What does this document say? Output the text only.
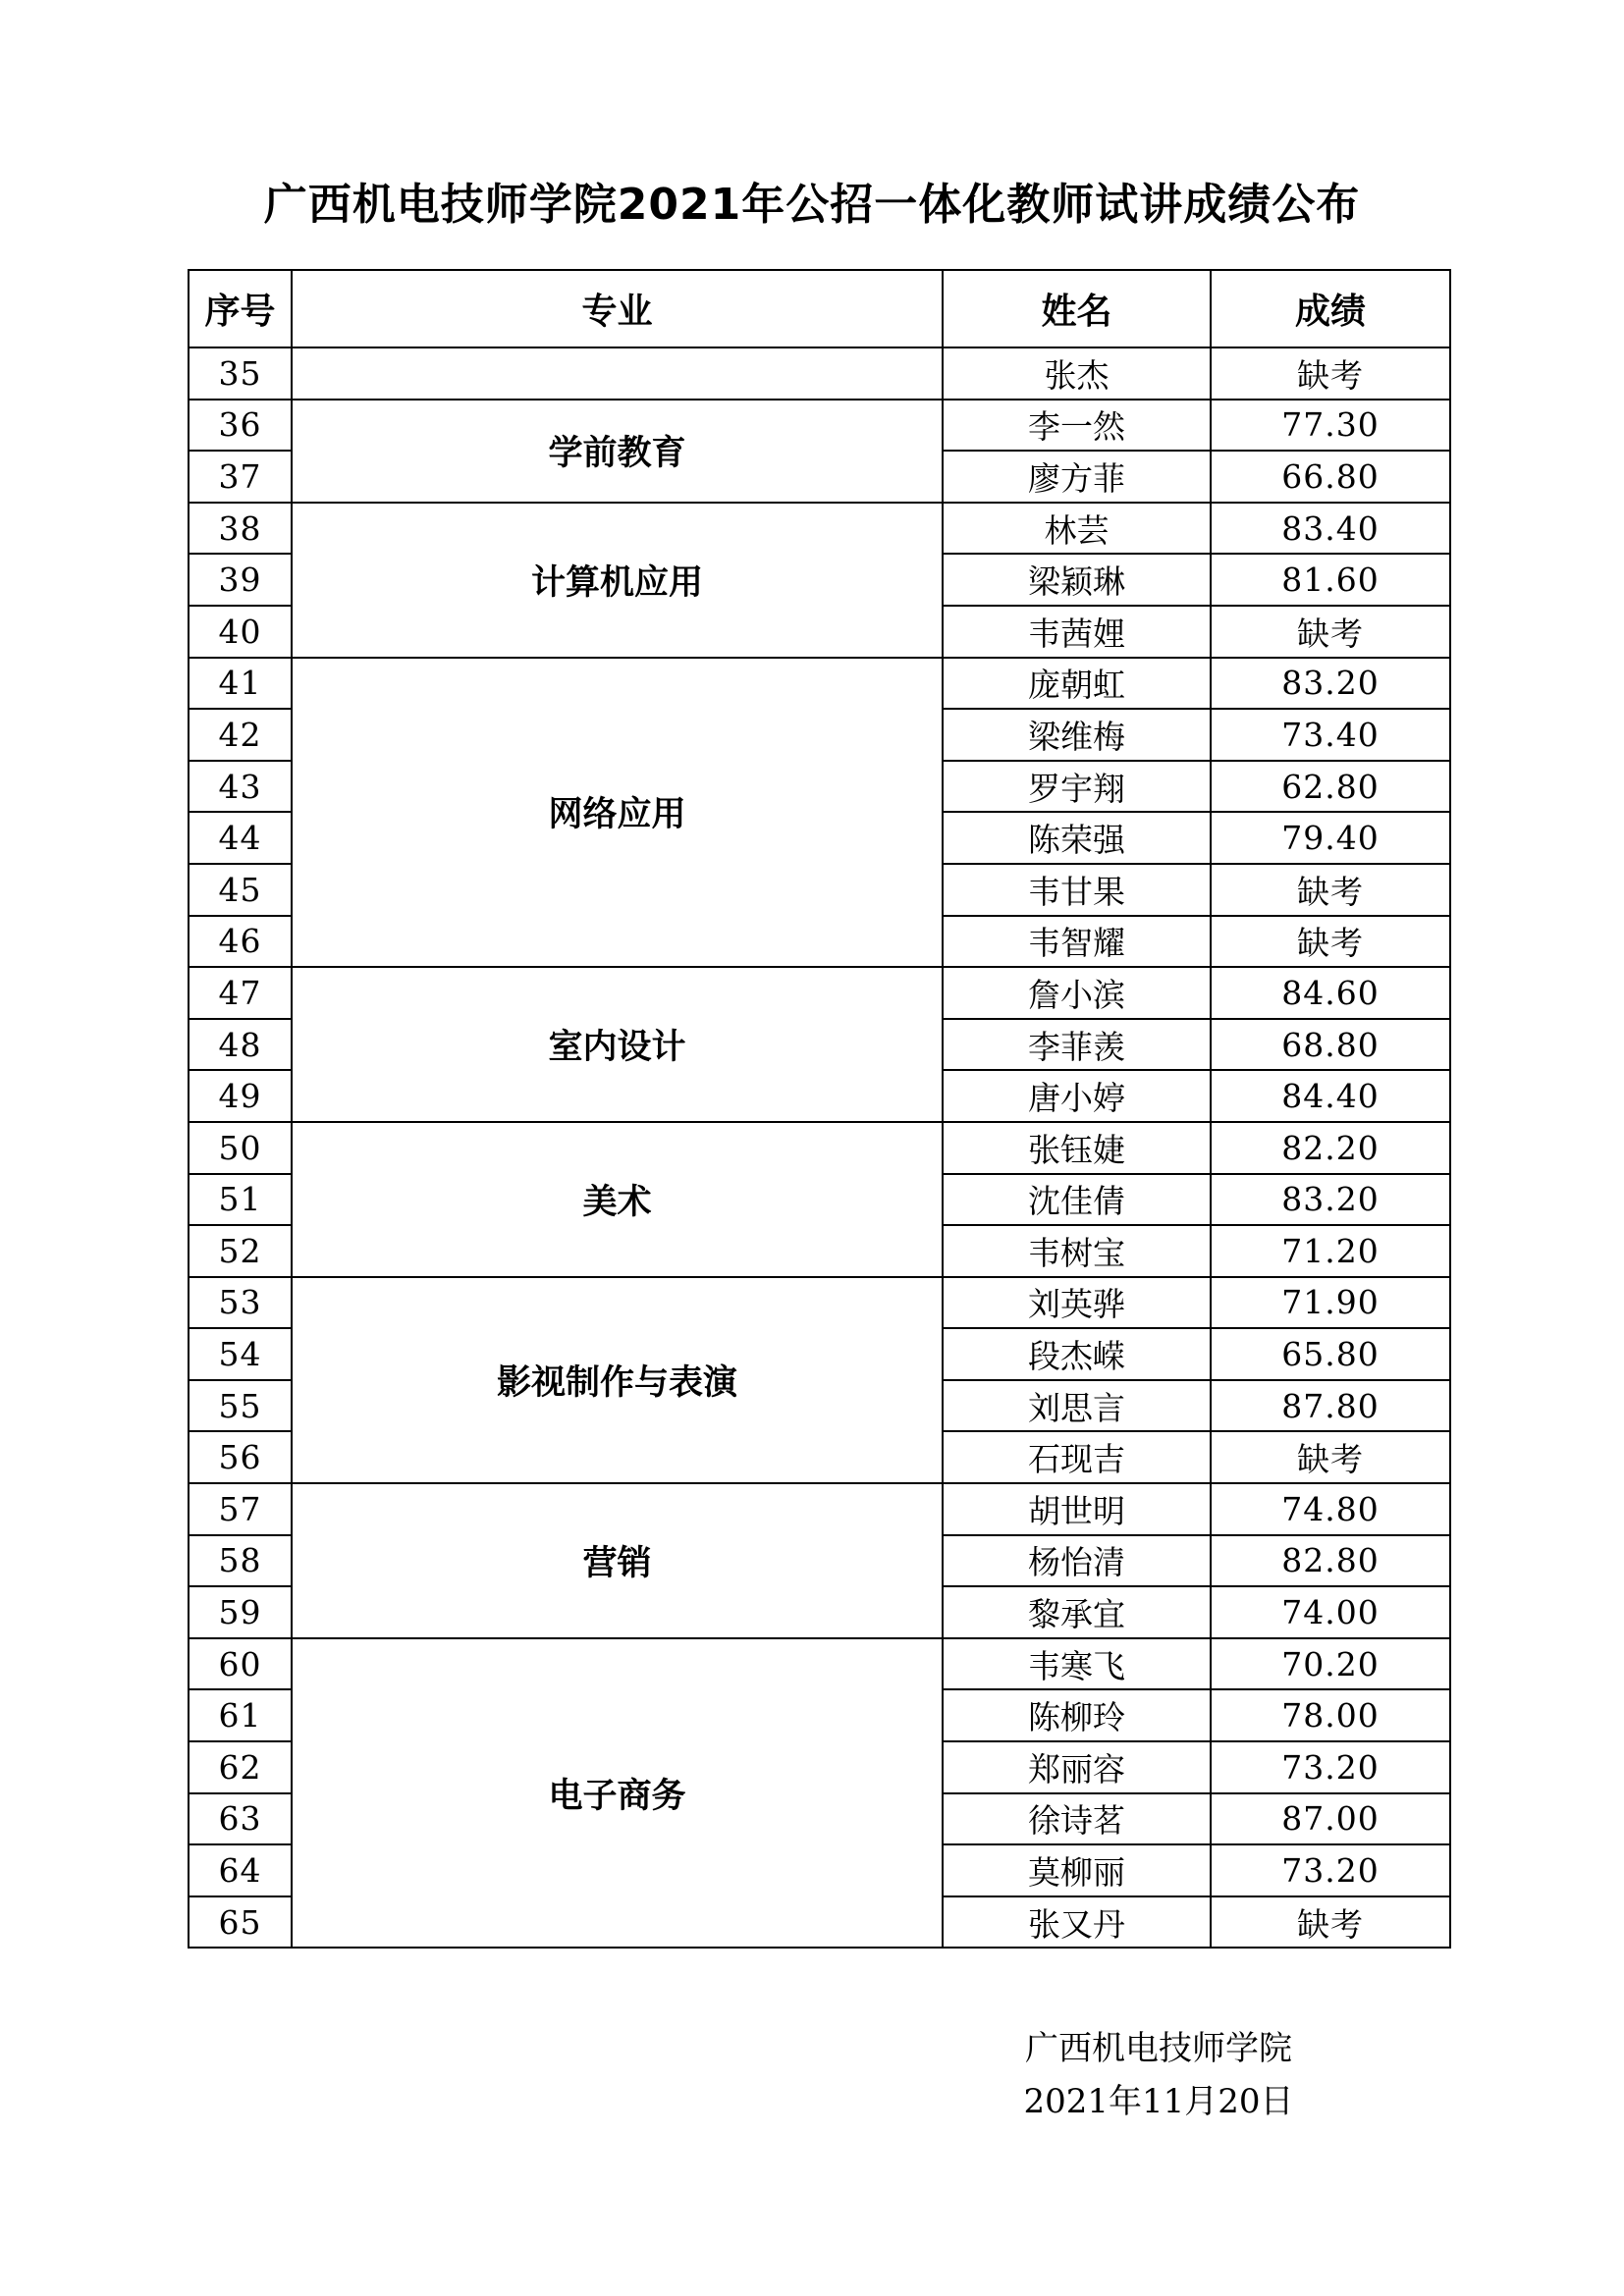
广西机电技师学院2021年公招一体化教师试讲成绩公布
序号	专业	姓名	成绩
35		张杰	缺考
36	学前教育	李一然	77.30
37		廖方菲	66.80
38	计算机应用	林芸	83.40
39		梁颖琳	81.60
40		韦茜娌	缺考
41	网络应用	庞朝虹	83.20
42		梁维梅	73.40
43		罗宇翔	62.80
44		陈荣强	79.40
45		韦甘果	缺考
46		韦智耀	缺考
47	室内设计	詹小滨	84.60
48		李菲羡	68.80
49		唐小婷	84.40
50	美术	张钰婕	82.20
51		沈佳倩	83.20
52		韦树宝	71.20
53	影视制作与表演	刘英骅	71.90
54		段杰嵘	65.80
55		刘思言	87.80
56		石现吉	缺考
57	营销	胡世明	74.80
58		杨怡清	82.80
59		黎承宜	74.00
60	电子商务	韦寒飞	70.20
61		陈柳玲	78.00
62		郑丽容	73.20
63		徐诗茗	87.00
64		莫柳丽	73.20
65		张又丹	缺考
广西机电技师学院
2021年11月20日
